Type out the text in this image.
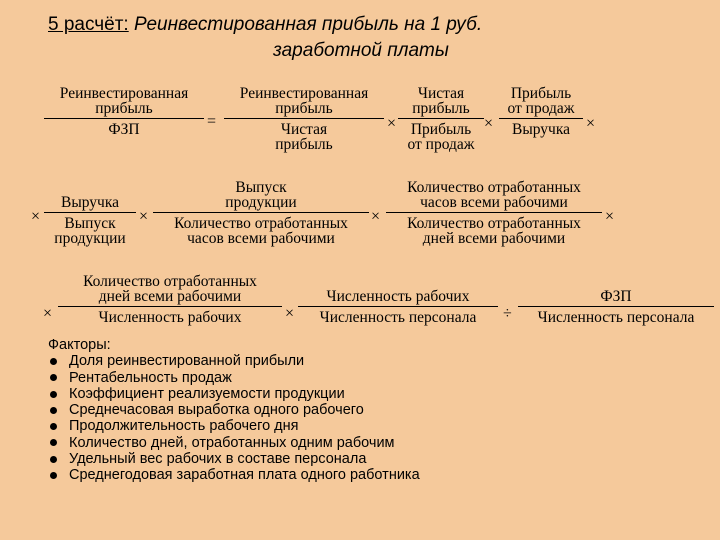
5 расчёт: Реинвестированная прибыль на 1 руб.
заработной платы
Реинвестированная
прибыль
ФЗП
Реинвестированная
прибыль
Чистая
прибыль
Чистая
прибыль
Прибыль
от продаж
Прибыль
от продаж
Выручка
Выручка
Выпуск
продукции
Выпуск
продукции
Количество отработанных
часов всеми рабочими
Количество отработанных
часов всеми рабочими
Количество отработанных
дней всеми рабочими
Количество отработанных
дней всеми рабочими
Численность рабочих
Численность рабочих
Численность персонала
ФЗП
Численность персонала
=	×	×	×
×	×	×	×
×	×	÷
Факторы:
Доля реинвестированной прибыли
Рентабельность продаж
Коэффициент реализуемости продукции
Среднечасовая выработка одного рабочего
Продолжительность рабочего дня
Количество дней, отработанных одним рабочим
Удельный вес рабочих в составе персонала
Среднегодовая заработная плата одного работника
